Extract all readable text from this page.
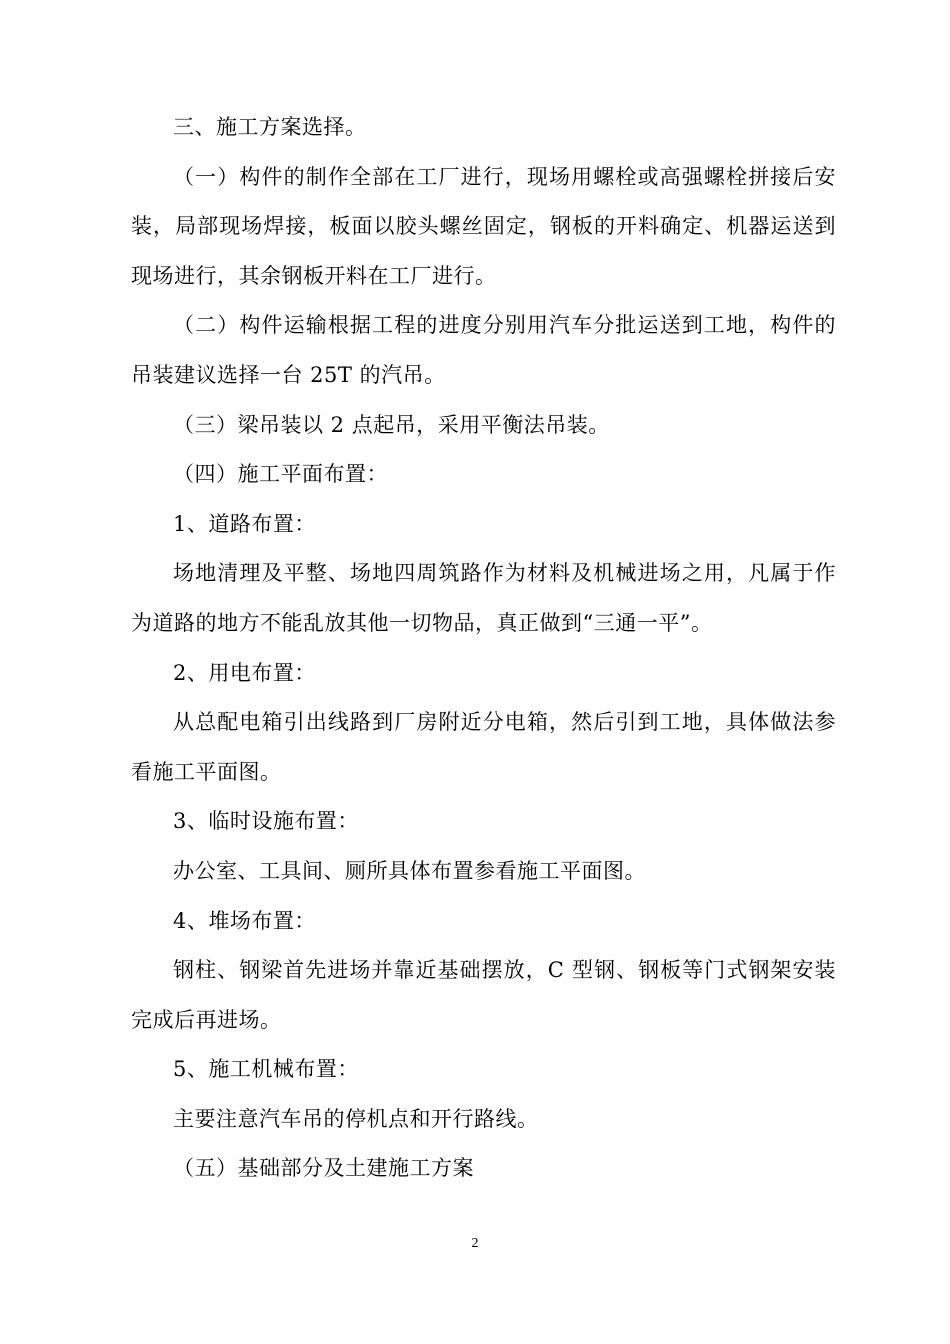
三、施工方案选择。

（一）构件的制作全部在工厂进行，现场用螺栓或高强螺栓拼接后安装，局部现场焊接，板面以胶头螺丝固定，钢板的开料确定、机器运送到现场进行，其余钢板开料在工厂进行。

（二）构件运输根据工程的进度分别用汽车分批运送到工地，构件的吊装建议选择一台 25T 的汽吊。

（三）梁吊装以 2 点起吊，采用平衡法吊装。

（四）施工平面布置：

1、道路布置：

场地清理及平整、场地四周筑路作为材料及机械进场之用，凡属于作为道路的地方不能乱放其他一切物品，真正做到“三通一平”。

2、用电布置：

从总配电箱引出线路到厂房附近分电箱，然后引到工地，具体做法参看施工平面图。

3、临时设施布置：

办公室、工具间、厕所具体布置参看施工平面图。

4、堆场布置：

钢柱、钢梁首先进场并靠近基础摆放，C 型钢、钢板等门式钢架安装完成后再进场。

5、施工机械布置：

主要注意汽车吊的停机点和开行路线。

（五）基础部分及土建施工方案

2
